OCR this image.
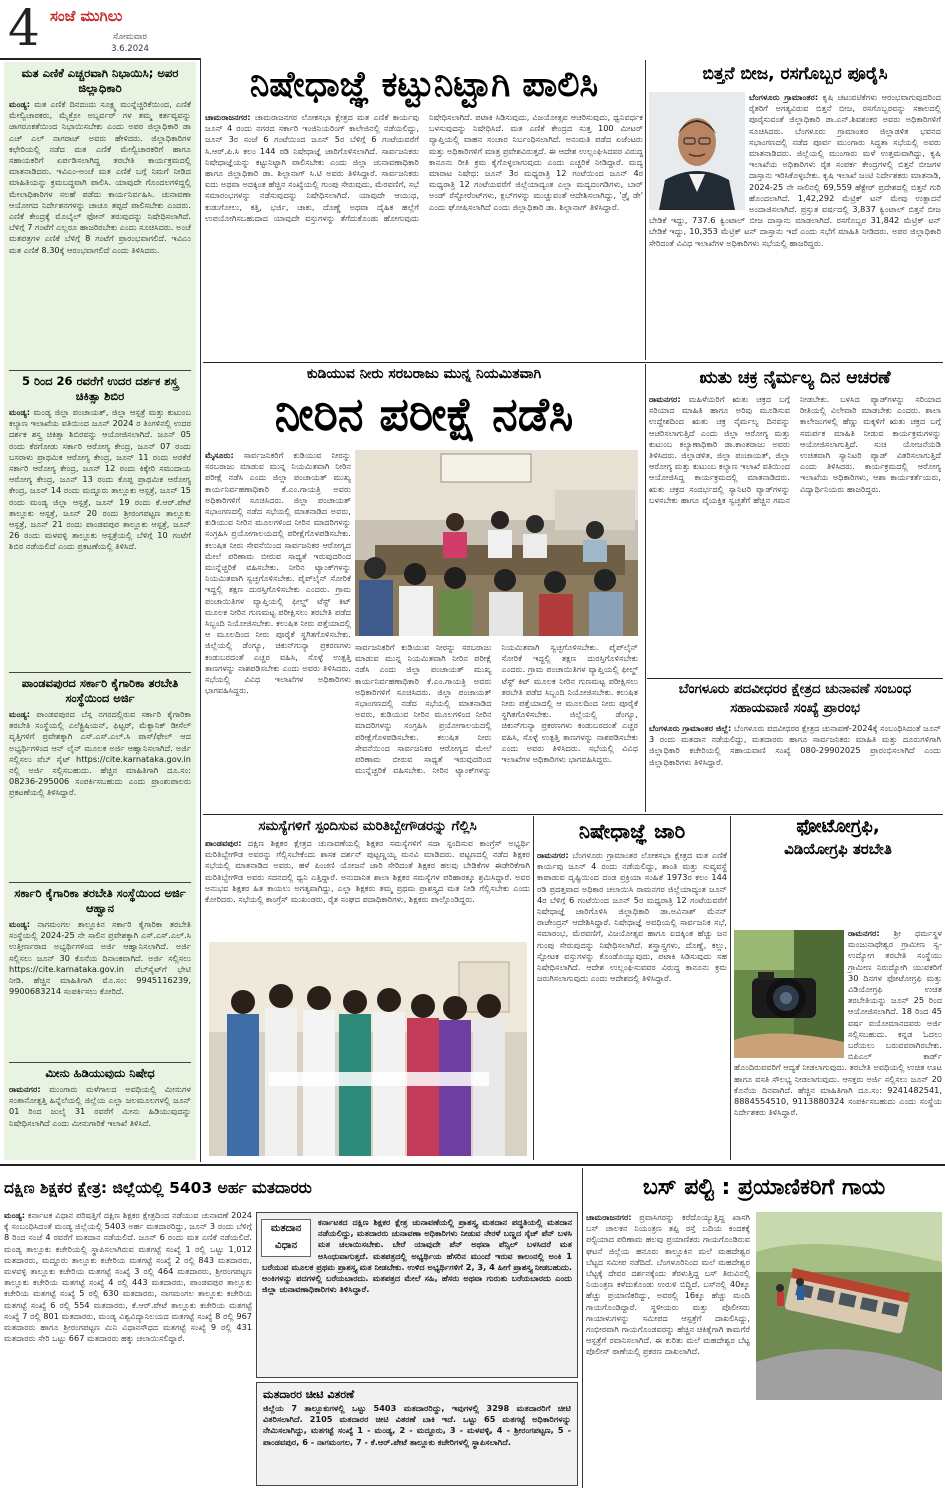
4 ಸಂಜೆ ಮುಗಿಲು
ಸೋಮವಾರ
3.6.2024
ಮತ ಎಣಿಕೆ ಎಚ್ಚರವಾಗಿ ನಿಭಾಯಿಸಿ; ಅಪರ ಜಿಲ್ಲಾಧಿಕಾರಿ
ಮಂಡ್ಯ: ಮತ ಎಣಿಕೆ ದಿನದಂದು ಸೂಕ್ಷ್ಮ ಮುನ್ನೆಚ್ಚರಿಕೆಯಿಂದ, ಎಣಿಕೆ ಮೇಲ್ವಿಚಾರಕರು, ಮೈಕ್ರೋ ಅಬ್ಸರ್ವರ್ ಗಳ ತಮ್ಮ ಕರ್ತವ್ಯವನ್ನು ಜಾಗರೂಕತೆಯಿಂದ ನಿಭಾಯಿಸಬೇಕು ಎಂದು ಅಪರ ಜಿಲ್ಲಾಧಿಕಾರಿ ಡಾ ಎಚ್ ಎಲ್ ನಾಗರಾಜ್ ಅವರು ಹೇಳಿದರು. ಜಿಲ್ಲಾಧಿಕಾರಿಗಳ ಕಛೇರಿಯಲ್ಲಿ ನಡೆದ ಮತ ಎಣಿಕೆ ಮೇಲ್ವಿಚಾರಕರಿಗೆ ಹಾಗೂ ಸಹಾಯಕರಿಗೆ ಏರ್ಪಡಿಸಲಾಗಿದ್ದ ತರಬೇತಿ ಕಾರ್ಯಕ್ರಮದಲ್ಲಿ ಮಾತನಾಡಿದರು. ಇವಿಎಂ-ಅಂಚೆ ಮತ ಎಣಿಕೆ ಬಗ್ಗೆ ನಿಮಗೆ ನೀಡಿದ ಮಾಹಿತಿಯನ್ನು ಕ್ರಮಬದ್ಧವಾಗಿ ಪಾಲಿಸಿ. ಯಾವುದೇ ಗೊಂದಲಗಳಿದ್ದಲ್ಲಿ ಮೇಲಾಧಿಕಾರಿಗಳ ಸಲಹೆ ಪಡೆದು ಕಾರ್ಯನಿರ್ವಹಿಸಿ. ಚುನಾವಣಾ ಆಯೋಗದ ನಿರ್ದೇಶನಗಳನ್ನು ಚಾಚೂ ತಪ್ಪದೆ ಪಾಲಿಸಬೇಕು ಎಂದರು. ಎಣಿಕೆ ಕೇಂದ್ರಕ್ಕೆ ಮೊಬೈಲ್ ಫೋನ್ ತರುವುದನ್ನು ನಿಷೇಧಿಸಲಾಗಿದೆ. ಬೆಳಿಗ್ಗೆ 7 ಗಂಟೆಗೆ ಎಲ್ಲರೂ ಹಾಜರಿರಬೇಕು ಎಂದು ಸೂಚಿಸಿದರು. ಅಂಚೆ ಮತಪತ್ರಗಳ ಎಣಿಕೆ ಬೆಳಿಗ್ಗೆ 8 ಗಂಟೆಗೆ ಪ್ರಾರಂಭವಾಗಲಿದೆ. ಇವಿಎಂ ಮತ ಎಣಿಕೆ 8.30ಕ್ಕೆ ಆರಂಭವಾಗಲಿದೆ ಎಂದು ತಿಳಿಸಿದರು.
5 ರಿಂದ 26 ರವರೆಗೆ ಉದರ ದರ್ಶಕ ಶಸ್ತ್ರ ಚಿಕಿತ್ಸಾ ಶಿಬಿರ
ಮಂಡ್ಯ: ಮಂಡ್ಯ ಜಿಲ್ಲಾ ಪಂಚಾಯತ್, ಜಿಲ್ಲಾ ಆಸ್ಪತ್ರೆ ಮತ್ತು ಕುಟುಂಬ ಕಲ್ಯಾಣ ಇಲಾಖೆಯ ವತಿಯಿಂದ ಜೂನ್ 2024 ರ ತಿಂಗಳಿನಲ್ಲಿ ಉದರ ದರ್ಶಕ ಶಸ್ತ್ರ ಚಿಕಿತ್ಸಾ ಶಿಬಿರವನ್ನು ಆಯೋಜಿಸಲಾಗಿದೆ. ಜೂನ್ 05 ರಂದು ಕೆರಗೋಡು ಸರ್ಕಾರಿ ಆರೋಗ್ಯ ಕೇಂದ್ರ, ಜೂನ್ 07 ರಂದು ಬಸರಾಳು ಪ್ರಾಥಮಿಕ ಆರೋಗ್ಯ ಕೇಂದ್ರ, ಜೂನ್ 11 ರಂದು ಅರಕೆರೆ ಸರ್ಕಾರಿ ಆರೋಗ್ಯ ಕೇಂದ್ರ, ಜೂನ್ 12 ರಂದು ಕಿಕ್ಕೇರಿ ಸಮುದಾಯ ಆರೋಗ್ಯ ಕೇಂದ್ರ, ಜೂನ್ 13 ರಂದು ಕೊಪ್ಪ ಪ್ರಾಥಮಿಕ ಆರೋಗ್ಯ ಕೇಂದ್ರ, ಜೂನ್ 14 ರಂದು ಮದ್ದೂರು ತಾಲ್ಲೂಕು ಆಸ್ಪತ್ರೆ, ಜೂನ್ 15 ರಂದು ಮಂಡ್ಯ ಜಿಲ್ಲಾ ಆಸ್ಪತ್ರೆ, ಜೂನ್ 19 ರಂದು ಕೆ.ಆರ್.ಪೇಟೆ ತಾಲ್ಲೂಕು ಆಸ್ಪತ್ರೆ, ಜೂನ್ 20 ರಂದು ಶ್ರೀರಂಗಪಟ್ಟಣ ತಾಲ್ಲೂಕು ಆಸ್ಪತ್ರೆ, ಜೂನ್ 21 ರಂದು ಪಾಂಡವಪುರ ತಾಲ್ಲೂಕು ಆಸ್ಪತ್ರೆ, ಜೂನ್ 26 ರಂದು ಮಳವಳ್ಳಿ ತಾಲ್ಲೂಕು ಆಸ್ಪತ್ರೆಯಲ್ಲಿ ಬೆಳಿಗ್ಗೆ 10 ಗಂಟೆಗೆ ಶಿಬಿರ ನಡೆಯಲಿದೆ ಎಂದು ಪ್ರಕಟಣೆಯಲ್ಲಿ ತಿಳಿಸಿದೆ.
ಪಾಂಡವಪುರದ ಸರ್ಕಾರಿ ಕೈಗಾರಿಕಾ ತರಬೇತಿ ಸಂಸ್ಥೆಯಿಂದ ಅರ್ಜಿ
ಮಂಡ್ಯ: ಪಾಂಡವಪುರದ ಬೆಸ್ಗ ನಗರದಲ್ಲಿರುವ ಸರ್ಕಾರಿ ಕೈಗಾರಿಕಾ ತರಬೇತಿ ಸಂಸ್ಥೆಯಲ್ಲಿ ಎಲೆಕ್ಟ್ರಿಷಿಯನ್, ಫಿಟ್ಟರ್, ಮೆಕ್ಯಾನಿಕ್ ಡೀಸೆಲ್ ವೃತ್ತಿಗಳಿಗೆ ಪ್ರವೇಶಕ್ಕಾಗಿ ಎಸ್.ಎಸ್.ಎಲ್.ಸಿ ಪಾಸ್/ಫೇಲ್ ಆದ ಅಭ್ಯರ್ಥಿಗಳಿಂದ ಆನ್ ಲೈನ್ ಮೂಲಕ ಅರ್ಜಿ ಆಹ್ವಾನಿಸಲಾಗಿದೆ. ಅರ್ಜಿ ಸಲ್ಲಿಸಲು ವೆಬ್ ಸೈಟ್ https://cite.karnataka.gov.in ನಲ್ಲಿ ಅರ್ಜಿ ಸಲ್ಲಿಸಬಹುದು. ಹೆಚ್ಚಿನ ಮಾಹಿತಿಗಾಗಿ ದೂ.ಸಂ: 08236-295006 ಸಂಪರ್ಕಿಸಬಹುದು ಎಂದು ಪ್ರಾಂಶುಪಾಲರು ಪ್ರಕಟಣೆಯಲ್ಲಿ ತಿಳಿಸಿದ್ದಾರೆ.
ಸರ್ಕಾರಿ ಕೈಗಾರಿಕಾ ತರಬೇತಿ ಸಂಸ್ಥೆಯಿಂದ ಅರ್ಜಿ ಆಹ್ವಾನ
ಮಂಡ್ಯ: ನಾಗಮಂಗಲ ತಾಲ್ಲೂಕಿನ ಸರ್ಕಾರಿ ಕೈಗಾರಿಕಾ ತರಬೇತಿ ಸಂಸ್ಥೆಯಲ್ಲಿ 2024-25 ನೇ ಸಾಲಿನ ಪ್ರವೇಶಕ್ಕಾಗಿ ಎಸ್.ಎಸ್.ಎಲ್.ಸಿ ಉತ್ತೀರ್ಣರಾದ ಅಭ್ಯರ್ಥಿಗಳಿಂದ ಅರ್ಜಿ ಆಹ್ವಾನಿಸಲಾಗಿದೆ. ಅರ್ಜಿ ಸಲ್ಲಿಸಲು ಜೂನ್ 30 ಕೊನೆಯ ದಿನಾಂಕವಾಗಿದೆ. ಅರ್ಜಿ ಸಲ್ಲಿಸಲು https://cite.karnataka.gov.in ವೆಬ್‍ಸೈಟ್‍ಗೆ ಭೇಟಿ ನೀಡಿ. ಹೆಚ್ಚಿನ ಮಾಹಿತಿಗಾಗಿ ಮೊ.ಸಂ: 9945116239, 9900683214 ಸಂಪರ್ಕಿಸಲು ಕೋರಿದೆ.
ಮೀನು ಹಿಡಿಯುವುದು ನಿಷೇಧ
ರಾಮನಗರ: ಮುಂಗಾರು ಮಳೆಗಾಲದ ಅವಧಿಯಲ್ಲಿ ಮೀನುಗಳ ಸಂತಾನೋತ್ಪತ್ತಿ ಹಿನ್ನೆಲೆಯಲ್ಲಿ ಜಿಲ್ಲೆಯ ಎಲ್ಲಾ ಜಲಮೂಲಗಳಲ್ಲಿ ಜೂನ್ 01 ರಿಂದ ಜುಲೈ 31 ರವರೆಗೆ ಮೀನು ಹಿಡಿಯುವುದನ್ನು ನಿಷೇಧಿಸಲಾಗಿದೆ ಎಂದು ಮೀನುಗಾರಿಕೆ ಇಲಾಖೆ ತಿಳಿಸಿದೆ.
ನಿಷೇಧಾಜ್ಞೆ ಕಟ್ಟುನಿಟ್ಟಾಗಿ ಪಾಲಿಸಿ
ಚಾಮರಾಜನಗರ: ಚಾಮರಾಜನಗರ ಲೋಕಸಭಾ ಕ್ಷೇತ್ರದ ಮತ ಎಣಿಕೆ ಕಾರ್ಯವು ಜೂನ್ 4 ರಂದು ನಗರದ ಸರ್ಕಾರಿ ಇಂಜಿನಿಯರಿಂಗ್ ಕಾಲೇಜಿನಲ್ಲಿ ನಡೆಯಲಿದ್ದು, ಜೂನ್ 3ರ ಸಂಜೆ 6 ಗಂಟೆಯಿಂದ ಜೂನ್ 5ರ ಬೆಳಿಗ್ಗೆ 6 ಗಂಟೆಯವರೆಗೆ ಸಿ.ಆರ್.ಪಿ.ಸಿ ಕಲಂ 144 ರಡಿ ನಿಷೇಧಾಜ್ಞೆ ಜಾರಿಗೊಳಿಸಲಾಗಿದೆ. ಸಾರ್ವಜನಿಕರು ನಿಷೇಧಾಜ್ಞೆಯನ್ನು ಕಟ್ಟುನಿಟ್ಟಾಗಿ ಪಾಲಿಸಬೇಕು ಎಂದು ಜಿಲ್ಲಾ ಚುನಾವಣಾಧಿಕಾರಿ ಹಾಗೂ ಜಿಲ್ಲಾಧಿಕಾರಿ ಡಾ. ಶಿಲ್ಪಾನಾಗ್ ಸಿ.ಟಿ ಅವರು ತಿಳಿಸಿದ್ದಾರೆ. ಸಾರ್ವಜನಿಕರು ಐದು ಅಥವಾ ಅದಕ್ಕಿಂತ ಹೆಚ್ಚಿನ ಸಂಖ್ಯೆಯಲ್ಲಿ ಗುಂಪು ಸೇರುವುದು, ಮೆರವಣಿಗೆ, ಸಭೆ ಸಮಾರಂಭಗಳನ್ನು ನಡೆಸುವುದನ್ನು ನಿಷೇಧಿಸಲಾಗಿದೆ. ಯಾವುದೇ ಆಯುಧ, ಕುಡುಗೋಲು, ಕತ್ತಿ, ಭರ್ಜಿ, ಚಾಕು, ದೊಣ್ಣೆ ಅಥವಾ ದೈಹಿಕ ಹಲ್ಲೆಗೆ ಉಪಯೋಗಿಸಬಹುದಾದ ಯಾವುದೇ ವಸ್ತುಗಳನ್ನು ತೆಗೆದುಕೊಂಡು ಹೋಗುವುದು ನಿಷೇಧಿಸಲಾಗಿದೆ. ಪಟಾಕಿ ಸಿಡಿಸುವುದು, ವಿಜಯೋತ್ಸವ ಆಚರಿಸುವುದು, ಧ್ವನಿವರ್ಧಕ ಬಳಸುವುದನ್ನು ನಿಷೇಧಿಸಿದೆ. ಮತ ಎಣಿಕೆ ಕೇಂದ್ರದ ಸುತ್ತ 100 ಮೀಟರ್ ವ್ಯಾಪ್ತಿಯಲ್ಲಿ ವಾಹನ ಸಂಚಾರ ನಿರ್ಬಂಧಿಸಲಾಗಿದೆ. ಅನುಮತಿ ಪಡೆದ ಏಜೆಂಟರು ಮತ್ತು ಅಧಿಕಾರಿಗಳಿಗೆ ಮಾತ್ರ ಪ್ರವೇಶವಿರುತ್ತದೆ. ಈ ಆದೇಶ ಉಲ್ಲಂಘಿಸಿದವರ ವಿರುದ್ಧ ಕಾನೂನು ರೀತಿ ಕ್ರಮ ಕೈಗೊಳ್ಳಲಾಗುವುದು ಎಂದು ಎಚ್ಚರಿಕೆ ನೀಡಿದ್ದಾರೆ. ಮದ್ಯ ಮಾರಾಟ ನಿಷೇಧ: ಜೂನ್ 3ರ ಮಧ್ಯರಾತ್ರಿ 12 ಗಂಟೆಯಿಂದ ಜೂನ್ 4ರ ಮಧ್ಯರಾತ್ರಿ 12 ಗಂಟೆಯವರೆಗೆ ಜಿಲ್ಲೆಯಾದ್ಯಂತ ಎಲ್ಲಾ ಮದ್ಯದಂಗಡಿಗಳು, ಬಾರ್ ಅಂಡ್ ರೆಸ್ಟೋರೆಂಟ್‍ಗಳು, ಕ್ಲಬ್‍ಗಳನ್ನು ಮುಚ್ಚುವಂತೆ ಆದೇಶಿಸಲಾಗಿದ್ದು, 'ಡ್ರೈ ಡೇ' ಎಂದು ಘೋಷಿಸಲಾಗಿದೆ ಎಂದು ಜಿಲ್ಲಾಧಿಕಾರಿ ಡಾ. ಶಿಲ್ಪಾನಾಗ್ ತಿಳಿಸಿದ್ದಾರೆ.
ಬಿತ್ತನೆ ಬೀಜ, ರಸಗೊಬ್ಬರ ಪೂರೈಸಿ
ಬೆಂಗಳೂರು ಗ್ರಾಮಾಂತರ: ಕೃಷಿ ಚಟುವಟಿಕೆಗಳು ಆರಂಭವಾಗುವುದರಿಂದ ರೈತರಿಗೆ ಅಗತ್ಯವಿರುವ ಬಿತ್ತನೆ ಬೀಜ, ರಸಗೊಬ್ಬರವನ್ನು ಸಕಾಲದಲ್ಲಿ ಪೂರೈಸುವಂತೆ ಜಿಲ್ಲಾಧಿಕಾರಿ ಡಾ.ಎನ್.ಶಿವಶಂಕರ ಅವರು ಅಧಿಕಾರಿಗಳಿಗೆ ಸೂಚಿಸಿದರು. ಬೆಂಗಳೂರು ಗ್ರಾಮಾಂತರ ಜಿಲ್ಲಾಡಳಿತ ಭವನದ ಸಭಾಂಗಣದಲ್ಲಿ ನಡೆದ ಪೂರ್ವ ಮುಂಗಾರು ಸಿದ್ಧತಾ ಸಭೆಯಲ್ಲಿ ಅವರು ಮಾತನಾಡಿದರು. ಜಿಲ್ಲೆಯಲ್ಲಿ ಮುಂಗಾರು ಮಳೆ ಉತ್ತಮವಾಗಿದ್ದು, ಕೃಷಿ ಇಲಾಖೆಯ ಅಧಿಕಾರಿಗಳು ರೈತ ಸಂಪರ್ಕ ಕೇಂದ್ರಗಳಲ್ಲಿ ಬಿತ್ತನೆ ಬೀಜಗಳ ದಾಸ್ತಾನು ಇರಿಸಿಕೊಳ್ಳಬೇಕು. ಕೃಷಿ ಇಲಾಖೆ ಜಂಟಿ ನಿರ್ದೇಶಕರು ಮಾತನಾಡಿ, 2024-25 ನೇ ಸಾಲಿನಲ್ಲಿ 69,559 ಹೆಕ್ಟೇರ್ ಪ್ರದೇಶದಲ್ಲಿ ಬಿತ್ತನೆ ಗುರಿ ಹೊಂದಲಾಗಿದೆ. 1,42,292 ಮೆಟ್ರಿಕ್ ಟನ್ ಮೇವು ಉತ್ಪಾದನೆ ಅಂದಾಜಿಸಲಾಗಿದೆ. ಪ್ರಸ್ತುತ ವರ್ಷದಲ್ಲಿ 3,837 ಕ್ವಿಂಟಾಲ್ ಬಿತ್ತನೆ ಬೀಜ ಬೇಡಿಕೆ ಇದ್ದು, 737.6 ಕ್ವಿಂಟಾಲ್ ಬೀಜ ದಾಸ್ತಾನು ಮಾಡಲಾಗಿದೆ. ರಸಗೊಬ್ಬರ 31,842 ಮೆಟ್ರಿಕ್ ಟನ್ ಬೇಡಿಕೆ ಇದ್ದು, 10,353 ಮೆಟ್ರಿಕ್ ಟನ್ ದಾಸ್ತಾನು ಇದೆ ಎಂದು ಸಭೆಗೆ ಮಾಹಿತಿ ನೀಡಿದರು. ಅಪರ ಜಿಲ್ಲಾಧಿಕಾರಿ ಸೇರಿದಂತೆ ವಿವಿಧ ಇಲಾಖೆಗಳ ಅಧಿಕಾರಿಗಳು ಸಭೆಯಲ್ಲಿ ಹಾಜರಿದ್ದರು.
ಕುಡಿಯುವ ನೀರು ಸರಬರಾಜು ಮುನ್ನ ನಿಯಮಿತವಾಗಿ
ನೀರಿನ ಪರೀಕ್ಷೆ ನಡೆಸಿ
ಮೈಸೂರು: ಸಾರ್ವಜನಿಕರಿಗೆ ಕುಡಿಯುವ ನೀರನ್ನು ಸರಬರಾಜು ಮಾಡುವ ಮುನ್ನ ನಿಯಮಿತವಾಗಿ ನೀರಿನ ಪರೀಕ್ಷೆ ನಡೆಸಿ ಎಂದು ಜಿಲ್ಲಾ ಪಂಚಾಯತ್ ಮುಖ್ಯ ಕಾರ್ಯನಿರ್ವಹಣಾಧಿಕಾರಿ ಕೆ.ಎಂ.ಗಾಯತ್ರಿ ಅವರು ಅಧಿಕಾರಿಗಳಿಗೆ ಸೂಚಿಸಿದರು. ಜಿಲ್ಲಾ ಪಂಚಾಯತ್ ಸಭಾಂಗಣದಲ್ಲಿ ನಡೆದ ಸಭೆಯಲ್ಲಿ ಮಾತನಾಡಿದ ಅವರು, ಕುಡಿಯುವ ನೀರಿನ ಮೂಲಗಳಿಂದ ನೀರಿನ ಮಾದರಿಗಳನ್ನು ಸಂಗ್ರಹಿಸಿ ಪ್ರಯೋಗಾಲಯದಲ್ಲಿ ಪರೀಕ್ಷೆಗೊಳಪಡಿಸಬೇಕು. ಕಲುಷಿತ ನೀರು ಸೇವನೆಯಿಂದ ಸಾರ್ವಜನಿಕರ ಆರೋಗ್ಯದ ಮೇಲೆ ಪರಿಣಾಮ ಬೀರುವ ಸಾಧ್ಯತೆ ಇರುವುದರಿಂದ ಮುನ್ನೆಚ್ಚರಿಕೆ ವಹಿಸಬೇಕು. ನೀರಿನ ಟ್ಯಾಂಕ್‍ಗಳನ್ನು ನಿಯಮಿತವಾಗಿ ಸ್ವಚ್ಛಗೊಳಿಸಬೇಕು. ಪೈಪ್‍ಲೈನ್ ಸೋರಿಕೆ ಇದ್ದಲ್ಲಿ ತಕ್ಷಣ ದುರಸ್ತಿಗೊಳಿಸಬೇಕು ಎಂದರು. ಗ್ರಾಮ ಪಂಚಾಯಿತಿಗಳ ವ್ಯಾಪ್ತಿಯಲ್ಲಿ ಫೀಲ್ಡ್ ಟೆಸ್ಟ್ ಕಿಟ್ ಮೂಲಕ ನೀರಿನ ಗುಣಮಟ್ಟ ಪರೀಕ್ಷಿಸಲು ತರಬೇತಿ ಪಡೆದ ಸಿಬ್ಬಂದಿ ನಿಯೋಜಿಸಬೇಕು. ಕಲುಷಿತ ನೀರು ಪತ್ತೆಯಾದಲ್ಲಿ ಆ ಮೂಲದಿಂದ ನೀರು ಪೂರೈಕೆ ಸ್ಥಗಿತಗೊಳಿಸಬೇಕು. ಜಿಲ್ಲೆಯಲ್ಲಿ ಡೆಂಗ್ಯೂ, ಚಿಕುನ್‍ಗುನ್ಯಾ ಪ್ರಕರಣಗಳು ಕಂಡುಬರದಂತೆ ಎಚ್ಚರ ವಹಿಸಿ, ಸೊಳ್ಳೆ ಉತ್ಪತ್ತಿ ತಾಣಗಳನ್ನು ನಾಶಪಡಿಸಬೇಕು ಎಂದು ಅವರು ತಿಳಿಸಿದರು. ಸಭೆಯಲ್ಲಿ ವಿವಿಧ ಇಲಾಖೆಗಳ ಅಧಿಕಾರಿಗಳು ಭಾಗವಹಿಸಿದ್ದರು.
ಸಾರ್ವಜನಿಕರಿಗೆ ಕುಡಿಯುವ ನೀರನ್ನು ಸರಬರಾಜು ಮಾಡುವ ಮುನ್ನ ನಿಯಮಿತವಾಗಿ ನೀರಿನ ಪರೀಕ್ಷೆ ನಡೆಸಿ ಎಂದು ಜಿಲ್ಲಾ ಪಂಚಾಯತ್ ಮುಖ್ಯ ಕಾರ್ಯನಿರ್ವಹಣಾಧಿಕಾರಿ ಕೆ.ಎಂ.ಗಾಯತ್ರಿ ಅವರು ಅಧಿಕಾರಿಗಳಿಗೆ ಸೂಚಿಸಿದರು. ಜಿಲ್ಲಾ ಪಂಚಾಯತ್ ಸಭಾಂಗಣದಲ್ಲಿ ನಡೆದ ಸಭೆಯಲ್ಲಿ ಮಾತನಾಡಿದ ಅವರು, ಕುಡಿಯುವ ನೀರಿನ ಮೂಲಗಳಿಂದ ನೀರಿನ ಮಾದರಿಗಳನ್ನು ಸಂಗ್ರಹಿಸಿ ಪ್ರಯೋಗಾಲಯದಲ್ಲಿ ಪರೀಕ್ಷೆಗೊಳಪಡಿಸಬೇಕು. ಕಲುಷಿತ ನೀರು ಸೇವನೆಯಿಂದ ಸಾರ್ವಜನಿಕರ ಆರೋಗ್ಯದ ಮೇಲೆ ಪರಿಣಾಮ ಬೀರುವ ಸಾಧ್ಯತೆ ಇರುವುದರಿಂದ ಮುನ್ನೆಚ್ಚರಿಕೆ ವಹಿಸಬೇಕು. ನೀರಿನ ಟ್ಯಾಂಕ್‍ಗಳನ್ನು ನಿಯಮಿತವಾಗಿ ಸ್ವಚ್ಛಗೊಳಿಸಬೇಕು. ಪೈಪ್‍ಲೈನ್ ಸೋರಿಕೆ ಇದ್ದಲ್ಲಿ ತಕ್ಷಣ ದುರಸ್ತಿಗೊಳಿಸಬೇಕು ಎಂದರು. ಗ್ರಾಮ ಪಂಚಾಯಿತಿಗಳ ವ್ಯಾಪ್ತಿಯಲ್ಲಿ ಫೀಲ್ಡ್ ಟೆಸ್ಟ್ ಕಿಟ್ ಮೂಲಕ ನೀರಿನ ಗುಣಮಟ್ಟ ಪರೀಕ್ಷಿಸಲು ತರಬೇತಿ ಪಡೆದ ಸಿಬ್ಬಂದಿ ನಿಯೋಜಿಸಬೇಕು. ಕಲುಷಿತ ನೀರು ಪತ್ತೆಯಾದಲ್ಲಿ ಆ ಮೂಲದಿಂದ ನೀರು ಪೂರೈಕೆ ಸ್ಥಗಿತಗೊಳಿಸಬೇಕು. ಜಿಲ್ಲೆಯಲ್ಲಿ ಡೆಂಗ್ಯೂ, ಚಿಕುನ್‍ಗುನ್ಯಾ ಪ್ರಕರಣಗಳು ಕಂಡುಬರದಂತೆ ಎಚ್ಚರ ವಹಿಸಿ, ಸೊಳ್ಳೆ ಉತ್ಪತ್ತಿ ತಾಣಗಳನ್ನು ನಾಶಪಡಿಸಬೇಕು ಎಂದು ಅವರು ತಿಳಿಸಿದರು. ಸಭೆಯಲ್ಲಿ ವಿವಿಧ ಇಲಾಖೆಗಳ ಅಧಿಕಾರಿಗಳು ಭಾಗವಹಿಸಿದ್ದರು.
ಋತು ಚಕ್ರ ನೈರ್ಮಲ್ಯ ದಿನ ಆಚರಣೆ
ರಾಮನಗರ: ಮಹಿಳೆಯರಿಗೆ ಋತು ಚಕ್ರದ ಬಗ್ಗೆ ಸರಿಯಾದ ಮಾಹಿತಿ ಹಾಗೂ ಅರಿವು ಮೂಡಿಸುವ ಉದ್ದೇಶದಿಂದ ಋತು ಚಕ್ರ ನೈರ್ಮಲ್ಯ ದಿನವನ್ನು ಆಚರಿಸಲಾಗುತ್ತಿದೆ ಎಂದು ಜಿಲ್ಲಾ ಆರೋಗ್ಯ ಮತ್ತು ಕುಟುಂಬ ಕಲ್ಯಾಣಾಧಿಕಾರಿ ಡಾ.ಕಾಂತರಾಜು ಅವರು ತಿಳಿಸಿದರು. ಜಿಲ್ಲಾಡಳಿತ, ಜಿಲ್ಲಾ ಪಂಚಾಯತ್, ಜಿಲ್ಲಾ ಆರೋಗ್ಯ ಮತ್ತು ಕುಟುಂಬ ಕಲ್ಯಾಣ ಇಲಾಖೆ ವತಿಯಿಂದ ಆಯೋಜಿಸಿದ್ದ ಕಾರ್ಯಕ್ರಮದಲ್ಲಿ ಮಾತನಾಡಿದರು. ಋತು ಚಕ್ರದ ಸಂದರ್ಭದಲ್ಲಿ ಸ್ಯಾನಿಟರಿ ಪ್ಯಾಡ್‍ಗಳನ್ನು ಬಳಸಬೇಕು ಹಾಗೂ ವೈಯಕ್ತಿಕ ಸ್ವಚ್ಛತೆಗೆ ಹೆಚ್ಚಿನ ಗಮನ ನೀಡಬೇಕು. ಬಳಸಿದ ಪ್ಯಾಡ್‍ಗಳನ್ನು ಸರಿಯಾದ ರೀತಿಯಲ್ಲಿ ವಿಲೇವಾರಿ ಮಾಡಬೇಕು ಎಂದರು. ಶಾಲಾ ಕಾಲೇಜುಗಳಲ್ಲಿ ಹೆಣ್ಣು ಮಕ್ಕಳಿಗೆ ಋತು ಚಕ್ರದ ಬಗ್ಗೆ ಸಮರ್ಪಕ ಮಾಹಿತಿ ನೀಡುವ ಕಾರ್ಯಕ್ರಮಗಳನ್ನು ಆಯೋಜಿಸಲಾಗುತ್ತಿದೆ. ಸುಚಿ ಯೋಜನೆಯಡಿ ಉಚಿತವಾಗಿ ಸ್ಯಾನಿಟರಿ ಪ್ಯಾಡ್ ವಿತರಿಸಲಾಗುತ್ತಿದೆ ಎಂದು ತಿಳಿಸಿದರು. ಕಾರ್ಯಕ್ರಮದಲ್ಲಿ ಆರೋಗ್ಯ ಇಲಾಖೆಯ ಅಧಿಕಾರಿಗಳು, ಆಶಾ ಕಾರ್ಯಕರ್ತೆಯರು, ವಿದ್ಯಾರ್ಥಿನಿಯರು ಹಾಜರಿದ್ದರು.
ಬೆಂಗಳೂರು ಪದವೀಧರರ ಕ್ಷೇತ್ರದ ಚುನಾವಣೆ ಸಂಬಂಧ ಸಹಾಯವಾಣಿ ಸಂಖ್ಯೆ ಪ್ರಾರಂಭ
ಬೆಂಗಳೂರು ಗ್ರಾಮಾಂತರ ಜಿಲ್ಲೆ: ಬೆಂಗಳೂರು ಪದವೀಧರರ ಕ್ಷೇತ್ರದ ಚುನಾವಣೆ-2024ಕ್ಕೆ ಸಂಬಂಧಿಸಿದಂತೆ ಜೂನ್ 3 ರಂದು ಮತದಾನ ನಡೆಯಲಿದ್ದು, ಮತದಾರರು ಹಾಗೂ ಸಾರ್ವಜನಿಕರು ಮಾಹಿತಿ ಮತ್ತು ದೂರುಗಳಿಗಾಗಿ ಜಿಲ್ಲಾಧಿಕಾರಿ ಕಚೇರಿಯಲ್ಲಿ ಸಹಾಯವಾಣಿ ಸಂಖ್ಯೆ 080-29902025 ಪ್ರಾರಂಭಿಸಲಾಗಿದೆ ಎಂದು ಜಿಲ್ಲಾಧಿಕಾರಿಗಳು ತಿಳಿಸಿದ್ದಾರೆ.
ಸಮಸ್ಯೆಗಳಿಗೆ ಸ್ಪಂದಿಸುವ ಮರಿತಿಬ್ಬೇಗೌಡರನ್ನು ಗೆಲ್ಲಿಸಿ
ಪಾಂಡವಪುರ: ದಕ್ಷಿಣ ಶಿಕ್ಷಕರ ಕ್ಷೇತ್ರದ ಚುನಾವಣೆಯಲ್ಲಿ ಶಿಕ್ಷಕರ ಸಮಸ್ಯೆಗಳಿಗೆ ಸದಾ ಸ್ಪಂದಿಸುವ ಕಾಂಗ್ರೆಸ್ ಅಭ್ಯರ್ಥಿ ಮರಿತಿಬ್ಬೇಗೌಡ ಅವರನ್ನು ಗೆಲ್ಲಿಸಬೇಕೆಂದು ಶಾಸಕ ದರ್ಶನ್ ಪುಟ್ಟಣ್ಣಯ್ಯ ಮನವಿ ಮಾಡಿದರು. ಪಟ್ಟಣದಲ್ಲಿ ನಡೆದ ಶಿಕ್ಷಕರ ಸಭೆಯಲ್ಲಿ ಮಾತನಾಡಿದ ಅವರು, ಹಳೆ ಪಿಂಚಣಿ ಯೋಜನೆ ಜಾರಿ ಸೇರಿದಂತೆ ಶಿಕ್ಷಕರ ಹಲವು ಬೇಡಿಕೆಗಳ ಈಡೇರಿಕೆಗಾಗಿ ಮರಿತಿಬ್ಬೇಗೌಡ ಅವರು ಸದನದಲ್ಲಿ ಧ್ವನಿ ಎತ್ತಿದ್ದಾರೆ. ಅನುದಾನಿತ ಶಾಲಾ ಶಿಕ್ಷಕರ ಸಮಸ್ಯೆಗಳ ಪರಿಹಾರಕ್ಕೂ ಶ್ರಮಿಸಿದ್ದಾರೆ. ಅವರ ಅನುಭವ ಶಿಕ್ಷಕರ ಹಿತ ಕಾಯಲು ಅಗತ್ಯವಾಗಿದ್ದು, ಎಲ್ಲಾ ಶಿಕ್ಷಕರು ತಮ್ಮ ಪ್ರಥಮ ಪ್ರಾಶಸ್ತ್ಯದ ಮತ ನೀಡಿ ಗೆಲ್ಲಿಸಬೇಕು ಎಂದು ಕೋರಿದರು. ಸಭೆಯಲ್ಲಿ ಕಾಂಗ್ರೆಸ್ ಮುಖಂಡರು, ರೈತ ಸಂಘದ ಪದಾಧಿಕಾರಿಗಳು, ಶಿಕ್ಷಕರು ಪಾಲ್ಗೊಂಡಿದ್ದರು.
ನಿಷೇಧಾಜ್ಞೆ ಜಾರಿ
ರಾಮನಗರ: ಬೆಂಗಳೂರು ಗ್ರಾಮಾಂತರ ಲೋಕಸಭಾ ಕ್ಷೇತ್ರದ ಮತ ಎಣಿಕೆ ಕಾರ್ಯವು ಜೂನ್ 4 ರಂದು ನಡೆಯಲಿದ್ದು, ಶಾಂತಿ ಮತ್ತು ಸುವ್ಯವಸ್ಥೆ ಕಾಪಾಡುವ ದೃಷ್ಟಿಯಿಂದ ದಂಡ ಪ್ರಕ್ರಿಯಾ ಸಂಹಿತೆ 1973ರ ಕಲಂ 144 ರಡಿ ಪ್ರದತ್ತವಾದ ಅಧಿಕಾರ ಚಲಾಯಿಸಿ ರಾಮನಗರ ಜಿಲ್ಲೆಯಾದ್ಯಂತ ಜೂನ್ 4ರ ಬೆಳಿಗ್ಗೆ 6 ಗಂಟೆಯಿಂದ ಜೂನ್ 5ರ ಮಧ್ಯರಾತ್ರಿ 12 ಗಂಟೆಯವರೆಗೆ ನಿಷೇಧಾಜ್ಞೆ ಜಾರಿಗೊಳಿಸಿ ಜಿಲ್ಲಾಧಿಕಾರಿ ಡಾ.ಅವಿನಾಶ್ ಮೆನನ್ ರಾಜೇಂದ್ರನ್ ಆದೇಶಿಸಿದ್ದಾರೆ. ನಿಷೇಧಾಜ್ಞೆ ಅವಧಿಯಲ್ಲಿ ಸಾರ್ವಜನಿಕ ಸಭೆ, ಸಮಾರಂಭ, ಮೆರವಣಿಗೆ, ವಿಜಯೋತ್ಸವ ಹಾಗೂ ಐದಕ್ಕಿಂತ ಹೆಚ್ಚು ಜನ ಗುಂಪು ಸೇರುವುದನ್ನು ನಿಷೇಧಿಸಲಾಗಿದೆ. ಶಸ್ತ್ರಾಸ್ತ್ರಗಳು, ದೊಣ್ಣೆ, ಕಲ್ಲು, ಸ್ಫೋಟಕ ವಸ್ತುಗಳನ್ನು ಕೊಂಡೊಯ್ಯುವುದು, ಪಟಾಕಿ ಸಿಡಿಸುವುದು ಸಹ ನಿಷೇಧಿಸಲಾಗಿದೆ. ಆದೇಶ ಉಲ್ಲಂಘಿಸುವವರ ವಿರುದ್ಧ ಕಾನೂನು ಕ್ರಮ ಜರುಗಿಸಲಾಗುವುದು ಎಂದು ಆದೇಶದಲ್ಲಿ ತಿಳಿಸಿದ್ದಾರೆ.
ಫೋಟೋಗ್ರಫಿ,
ವಿಡಿಯೋಗ್ರಫಿ ತರಬೇತಿ
ರಾಮನಗರ: ಶ್ರೀ ಧರ್ಮಸ್ಥಳ ಮಂಜುನಾಥೇಶ್ವರ ಗ್ರಾಮೀಣ ಸ್ವ-ಉದ್ಯೋಗ ತರಬೇತಿ ಸಂಸ್ಥೆಯು ಗ್ರಾಮೀಣ ನಿರುದ್ಯೋಗಿ ಯುವಕರಿಗೆ 30 ದಿನಗಳ ಫೋಟೋಗ್ರಫಿ ಮತ್ತು ವಿಡಿಯೋಗ್ರಫಿ ಉಚಿತ ತರಬೇತಿಯನ್ನು ಜೂನ್ 25 ರಿಂದ ಆಯೋಜಿಸಲಾಗಿದೆ. 18 ರಿಂದ 45 ವರ್ಷ ವಯೋಮಾನದವರು ಅರ್ಜಿ ಸಲ್ಲಿಸಬಹುದು. ಕನ್ನಡ ಓದಲು ಬರೆಯಲು ಬರುವವರಾಗಿರಬೇಕು. ಬಿಪಿಎಲ್ ಕಾರ್ಡ್ ಹೊಂದಿರುವವರಿಗೆ ಆದ್ಯತೆ ನೀಡಲಾಗುವುದು. ತರಬೇತಿ ಅವಧಿಯಲ್ಲಿ ಉಚಿತ ಊಟ ಹಾಗೂ ವಸತಿ ಸೌಲಭ್ಯ ನೀಡಲಾಗುವುದು. ಆಸಕ್ತರು ಅರ್ಜಿ ಸಲ್ಲಿಸಲು ಜೂನ್ 20 ಕೊನೆಯ ದಿನವಾಗಿದೆ. ಹೆಚ್ಚಿನ ಮಾಹಿತಿಗಾಗಿ ದೂ.ಸಂ: 9241482541, 8884554510, 9113880324 ಸಂಪರ್ಕಿಸಬಹುದು ಎಂದು ಸಂಸ್ಥೆಯ ನಿರ್ದೇಶಕರು ತಿಳಿಸಿದ್ದಾರೆ.
ದಕ್ಷಿಣ ಶಿಕ್ಷಕರ ಕ್ಷೇತ್ರ: ಜಿಲ್ಲೆಯಲ್ಲಿ 5403 ಅರ್ಹ ಮತದಾರರು
ಮಂಡ್ಯ: ಕರ್ನಾಟಕ ವಿಧಾನ ಪರಿಷತ್ತಿಗೆ ದಕ್ಷಿಣ ಶಿಕ್ಷಕರ ಕ್ಷೇತ್ರದಿಂದ ನಡೆಯುವ ಚುನಾವಣೆ 2024 ಕ್ಕೆ ಸಂಬಂಧಿಸಿದಂತೆ ಮಂಡ್ಯ ಜಿಲ್ಲೆಯಲ್ಲಿ 5403 ಅರ್ಹ ಮತದಾರರಿದ್ದು, ಜೂನ್ 3 ರಂದು ಬೆಳಿಗ್ಗೆ 8 ರಿಂದ ಸಂಜೆ 4 ರವರೆಗೆ ಮತದಾನ ನಡೆಯಲಿದೆ. ಜೂನ್ 6 ರಂದು ಮತ ಎಣಿಕೆ ನಡೆಯಲಿದೆ. ಮಂಡ್ಯ ತಾಲ್ಲೂಕು ಕಚೇರಿಯಲ್ಲಿ ಸ್ಥಾಪಿಸಲಾಗಿರುವ ಮತಗಟ್ಟೆ ಸಂಖ್ಯೆ 1 ರಲ್ಲಿ ಒಟ್ಟು 1,012 ಮತದಾರರು, ಮದ್ದೂರು ತಾಲ್ಲೂಕು ಕಚೇರಿಯ ಮತಗಟ್ಟೆ ಸಂಖ್ಯೆ 2 ರಲ್ಲಿ 843 ಮತದಾರರು, ಮಳವಳ್ಳಿ ತಾಲ್ಲೂಕು ಕಚೇರಿಯ ಮತಗಟ್ಟೆ ಸಂಖ್ಯೆ 3 ರಲ್ಲಿ 464 ಮತದಾರರು, ಶ್ರೀರಂಗಪಟ್ಟಣ ತಾಲ್ಲೂಕು ಕಚೇರಿಯ ಮತಗಟ್ಟೆ ಸಂಖ್ಯೆ 4 ರಲ್ಲಿ 443 ಮತದಾರರು, ಪಾಂಡವಪುರ ತಾಲ್ಲೂಕು ಕಚೇರಿಯ ಮತಗಟ್ಟೆ ಸಂಖ್ಯೆ 5 ರಲ್ಲಿ 630 ಮತದಾರರು, ನಾಗಮಂಗಲ ತಾಲ್ಲೂಕು ಕಚೇರಿಯ ಮತಗಟ್ಟೆ ಸಂಖ್ಯೆ 6 ರಲ್ಲಿ 554 ಮತದಾರರು, ಕೆ.ಆರ್.ಪೇಟೆ ತಾಲ್ಲೂಕು ಕಚೇರಿಯ ಮತಗಟ್ಟೆ ಸಂಖ್ಯೆ 7 ರಲ್ಲಿ 801 ಮತದಾರರು, ಮಂಡ್ಯ ವಿಶ್ವವಿದ್ಯಾನಿಲಯದ ಮತಗಟ್ಟೆ ಸಂಖ್ಯೆ 8 ರಲ್ಲಿ 967 ಮತದಾರರು ಹಾಗೂ ಶ್ರೀರಂಗಪಟ್ಟಣ ಮಿನಿ ವಿಧಾನಸೌಧದ ಮತಗಟ್ಟೆ ಸಂಖ್ಯೆ 9 ರಲ್ಲಿ 431 ಮತದಾರರು ಸೇರಿ ಒಟ್ಟು 667 ಮತದಾರರು ಹಕ್ಕು ಚಲಾಯಿಸಲಿದ್ದಾರೆ.
ಮತದಾನ
ವಿಧಾನ
ಕರ್ನಾಟಕದ ದಕ್ಷಿಣ ಶಿಕ್ಷಕರ ಕ್ಷೇತ್ರ ಚುನಾವಣೆಯಲ್ಲಿ ಪ್ರಾಶಸ್ತ್ಯ ಮತದಾನ ಪದ್ಧತಿಯಲ್ಲಿ ಮತದಾನ ನಡೆಯಲಿದ್ದು, ಮತದಾರರು ಚುನಾವಣಾ ಅಧಿಕಾರಿಗಳು ನೀಡುವ ನೇರಳೆ ಬಣ್ಣದ ಸ್ಕೆಚ್ ಪೆನ್ ಬಳಸಿ ಮತ ಚಲಾಯಿಸಬೇಕು. ಬೇರೆ ಯಾವುದೇ ಪೆನ್ ಅಥವಾ ಪೆನ್ಸಿಲ್ ಬಳಸಿದರೆ ಮತ ಅಸಿಂಧುವಾಗುತ್ತದೆ. ಮತಪತ್ರದಲ್ಲಿ ಅಭ್ಯರ್ಥಿಯ ಹೆಸರಿನ ಮುಂದೆ ಇರುವ ಕಾಲಂನಲ್ಲಿ ಅಂಕಿ 1 ಬರೆಯುವ ಮೂಲಕ ಪ್ರಥಮ ಪ್ರಾಶಸ್ತ್ಯ ಮತ ನೀಡಬೇಕು. ಉಳಿದ ಅಭ್ಯರ್ಥಿಗಳಿಗೆ 2, 3, 4 ಹೀಗೆ ಪ್ರಾಶಸ್ತ್ಯ ನೀಡಬಹುದು. ಅಂಕಿಗಳನ್ನು ಪದಗಳಲ್ಲಿ ಬರೆಯಬಾರದು. ಮತಪತ್ರದ ಮೇಲೆ ಸಹಿ, ಹೆಸರು ಅಥವಾ ಗುರುತು ಬರೆಯಬಾರದು ಎಂದು ಜಿಲ್ಲಾ ಚುನಾವಣಾಧಿಕಾರಿಗಳು ತಿಳಿಸಿದ್ದಾರೆ.
ಮತದಾರರ ಚೀಟಿ ವಿತರಣೆ
ಜಿಲ್ಲೆಯ 7 ತಾಲ್ಲೂಕುಗಳಲ್ಲಿ ಒಟ್ಟು 5403 ಮತದಾರರಿದ್ದು, ಇವುಗಳಲ್ಲಿ 3298 ಮತದಾರರಿಗೆ ಚೀಟಿ ವಿತರಿಸಲಾಗಿದೆ. 2105 ಮತದಾರರ ಚೀಟಿ ವಿತರಣೆ ಬಾಕಿ ಇದೆ. ಒಟ್ಟು 65 ಮತಗಟ್ಟೆ ಅಧಿಕಾರಿಗಳನ್ನು ನೇಮಿಸಲಾಗಿದ್ದು, ಮತಗಟ್ಟೆ ಸಂಖ್ಯೆ 1 - ಮಂಡ್ಯ, 2 - ಮದ್ದೂರು, 3 - ಮಳವಳ್ಳಿ, 4 - ಶ್ರೀರಂಗಪಟ್ಟಣ, 5 - ಪಾಂಡವಪುರ, 6 - ನಾಗಮಂಗಲ, 7 - ಕೆ.ಆರ್.ಪೇಟೆ ತಾಲ್ಲೂಕು ಕಚೇರಿಗಳಲ್ಲಿ ಸ್ಥಾಪಿಸಲಾಗಿದೆ.
ಬಸ್ ಪಲ್ಟಿ : ಪ್ರಯಾಣಿಕರಿಗೆ ಗಾಯ
ಚಾಮರಾಜನಗರ: ಪ್ರವಾಸಿಗರನ್ನು ಕರೆದೊಯ್ಯುತ್ತಿದ್ದ ಖಾಸಗಿ ಬಸ್ ಚಾಲಕನ ನಿಯಂತ್ರಣ ತಪ್ಪಿ ರಸ್ತೆ ಬದಿಯ ಕಂದಕಕ್ಕೆ ಪಲ್ಟಿಯಾದ ಪರಿಣಾಮ ಹಲವು ಪ್ರಯಾಣಿಕರು ಗಾಯಗೊಂಡಿರುವ ಘಟನೆ ಜಿಲ್ಲೆಯ ಹನೂರು ತಾಲ್ಲೂಕಿನ ಮಲೆ ಮಹದೇಶ್ವರ ಬೆಟ್ಟದ ಸಮೀಪ ನಡೆದಿದೆ. ಬೆಂಗಳೂರಿನಿಂದ ಮಲೆ ಮಹದೇಶ್ವರ ಬೆಟ್ಟಕ್ಕೆ ದೇವರ ದರ್ಶನಕ್ಕೆಂದು ತೆರಳುತ್ತಿದ್ದ ಬಸ್ ತಿರುವಿನಲ್ಲಿ ನಿಯಂತ್ರಣ ಕಳೆದುಕೊಂಡು ಉರುಳಿ ಬಿದ್ದಿದೆ. ಬಸ್‍ನಲ್ಲಿ 40ಕ್ಕೂ ಹೆಚ್ಚು ಪ್ರಯಾಣಿಕರಿದ್ದು, ಅವರಲ್ಲಿ 16ಕ್ಕೂ ಹೆಚ್ಚು ಮಂದಿ ಗಾಯಗೊಂಡಿದ್ದಾರೆ. ಸ್ಥಳೀಯರು ಮತ್ತು ಪೊಲೀಸರು ಗಾಯಾಳುಗಳನ್ನು ಸಮೀಪದ ಆಸ್ಪತ್ರೆಗೆ ದಾಖಲಿಸಿದ್ದು, ಗಂಭೀರವಾಗಿ ಗಾಯಗೊಂಡವರನ್ನು ಹೆಚ್ಚಿನ ಚಿಕಿತ್ಸೆಗಾಗಿ ಕಾಮಗೆರೆ ಆಸ್ಪತ್ರೆಗೆ ರವಾನಿಸಲಾಗಿದೆ. ಈ ಕುರಿತು ಮಲೆ ಮಹದೇಶ್ವರ ಬೆಟ್ಟ ಪೊಲೀಸ್ ಠಾಣೆಯಲ್ಲಿ ಪ್ರಕರಣ ದಾಖಲಾಗಿದೆ.
